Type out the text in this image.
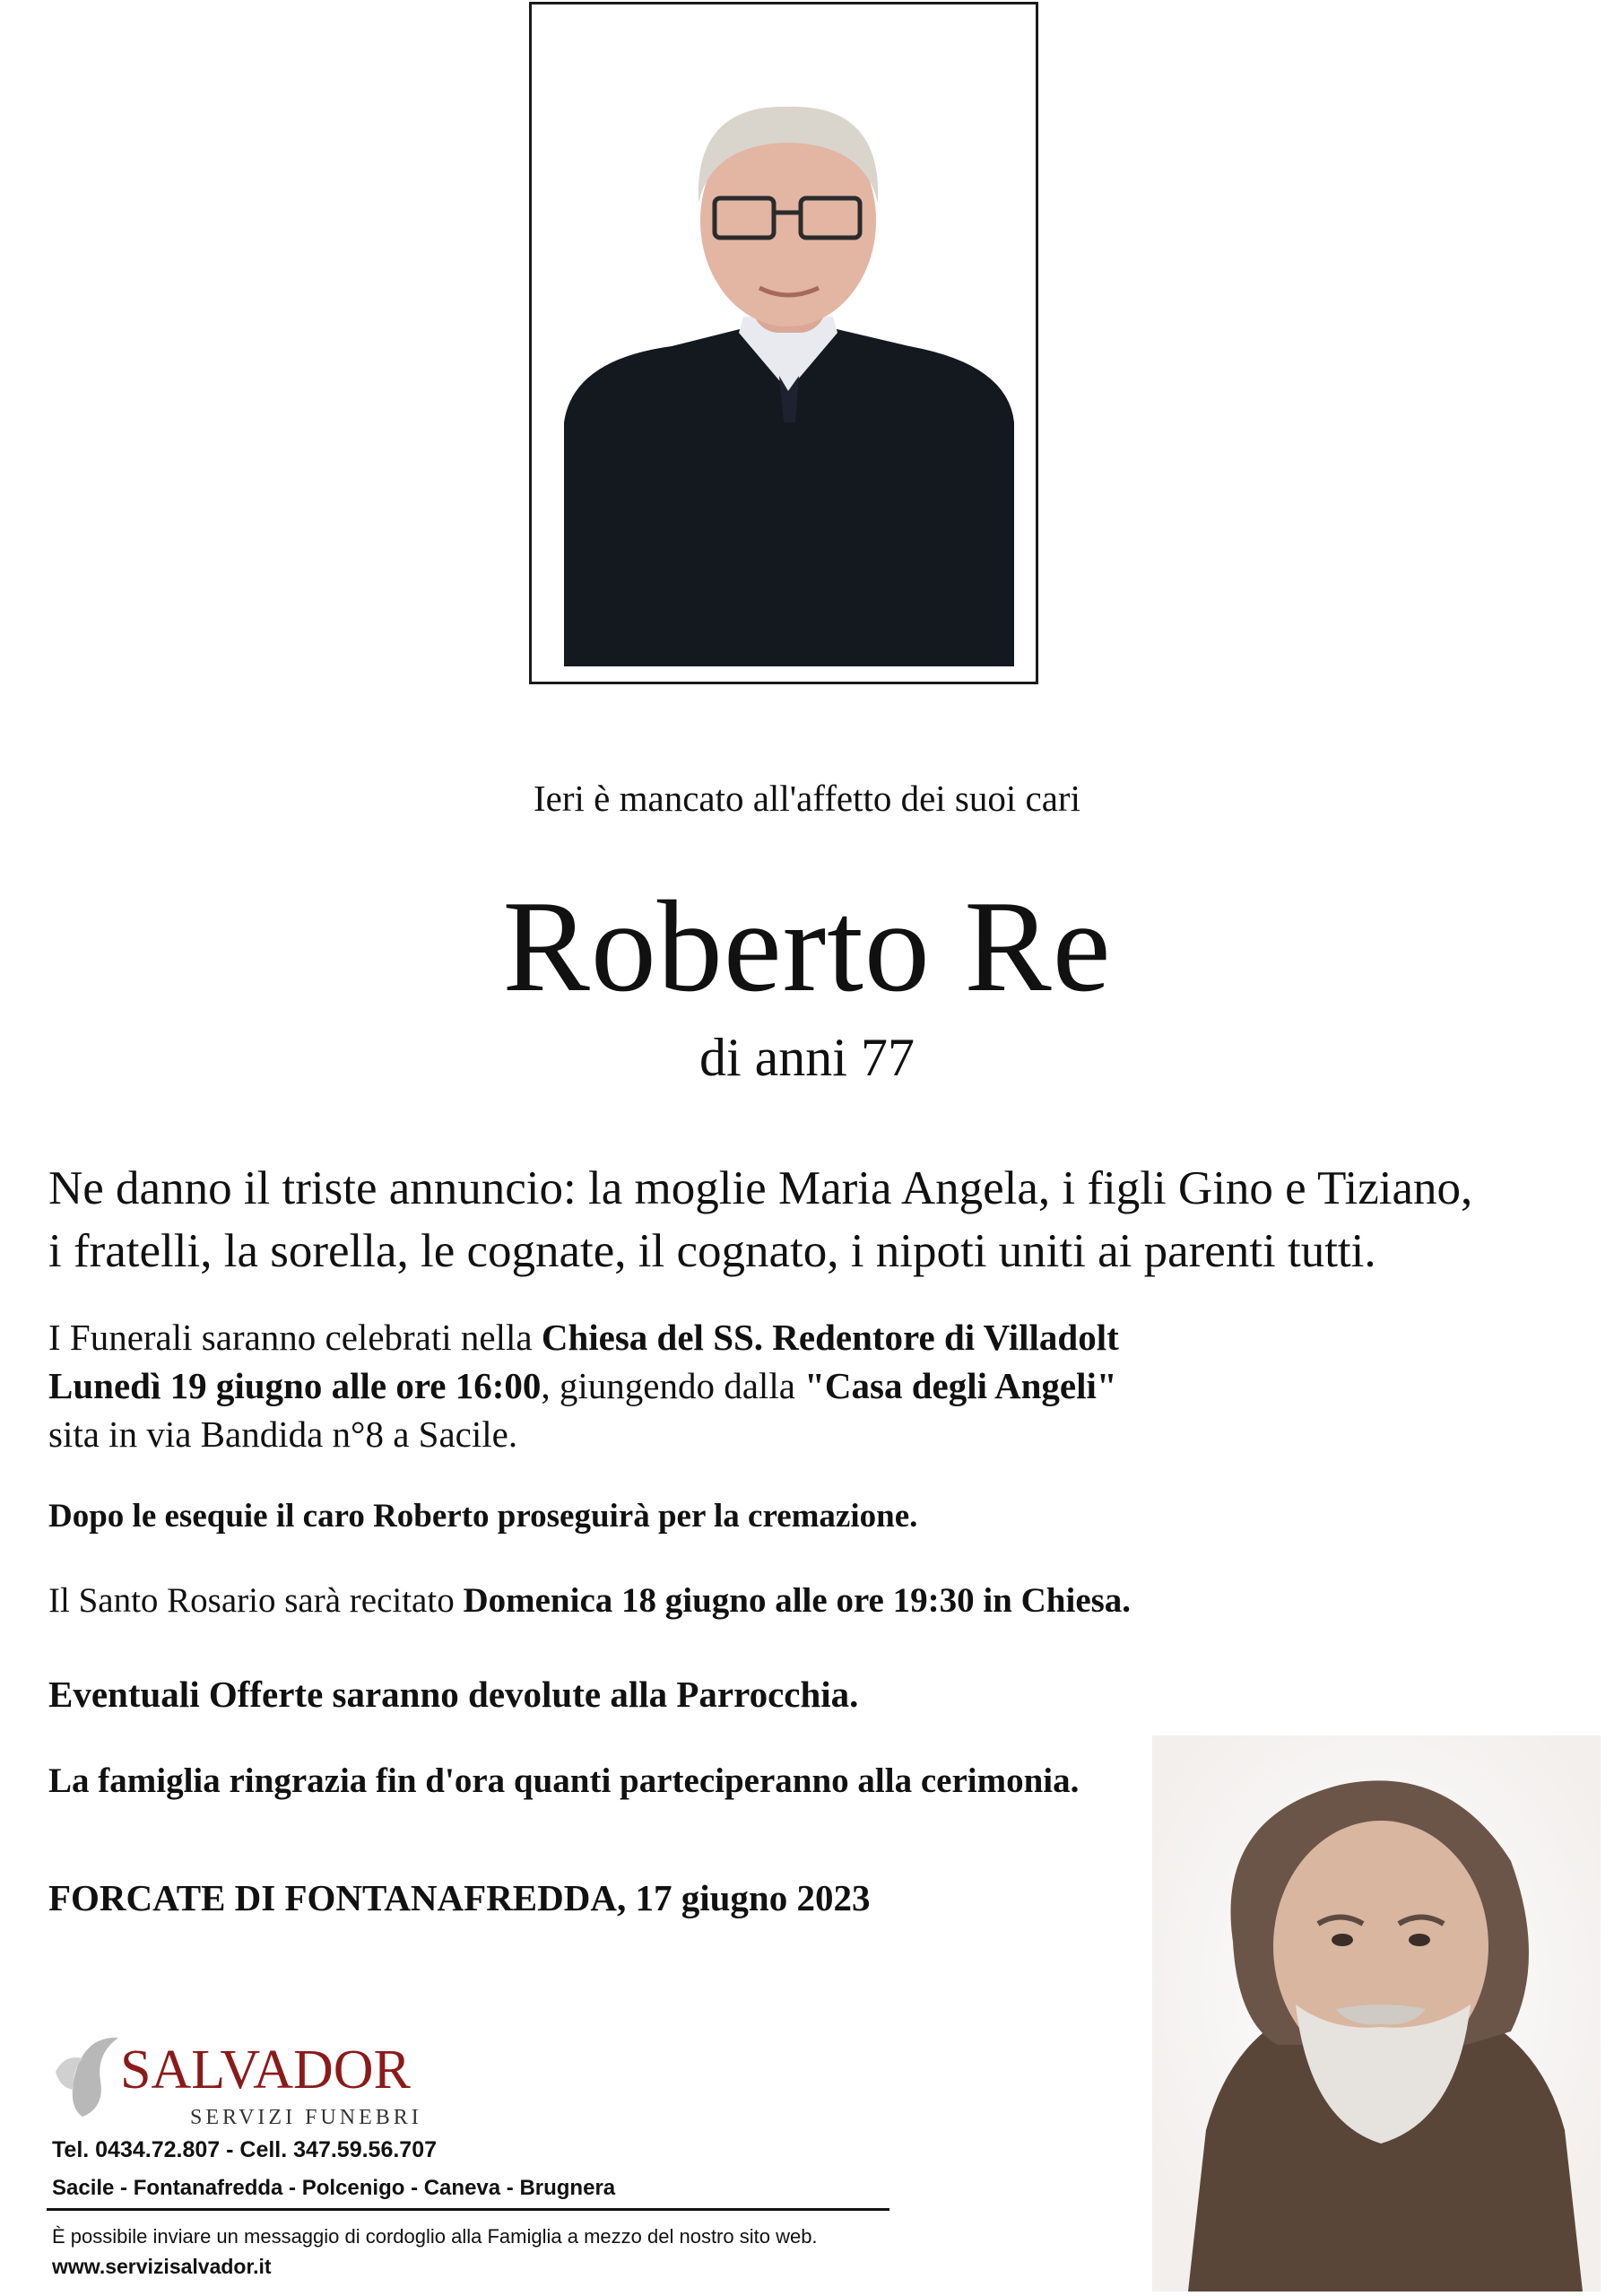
Ieri è mancato all'affetto dei suoi cari
Roberto Re
di anni 77
Ne danno il triste annuncio: la moglie Maria Angela, i figli Gino e Tiziano,
i fratelli, la sorella, le cognate, il cognato, i nipoti uniti ai parenti tutti.
I Funerali saranno celebrati nella Chiesa del SS. Redentore di Villadolt
Lunedì 19 giugno alle ore 16:00, giungendo dalla "Casa degli Angeli"
sita in via Bandida n°8 a Sacile.
Dopo le esequie il caro Roberto proseguirà per la cremazione.
Il Santo Rosario sarà recitato Domenica 18 giugno alle ore 19:30 in Chiesa.
Eventuali Offerte saranno devolute alla Parrocchia.
La famiglia ringrazia fin d'ora quanti parteciperanno alla cerimonia.
FORCATE DI FONTANAFREDDA, 17 giugno 2023
SALVADOR
SERVIZI FUNEBRI
Tel. 0434.72.807 - Cell. 347.59.56.707
Sacile - Fontanafredda - Polcenigo - Caneva - Brugnera
È possibile inviare un messaggio di cordoglio alla Famiglia a mezzo del nostro sito web.
www.servizisalvador.it
